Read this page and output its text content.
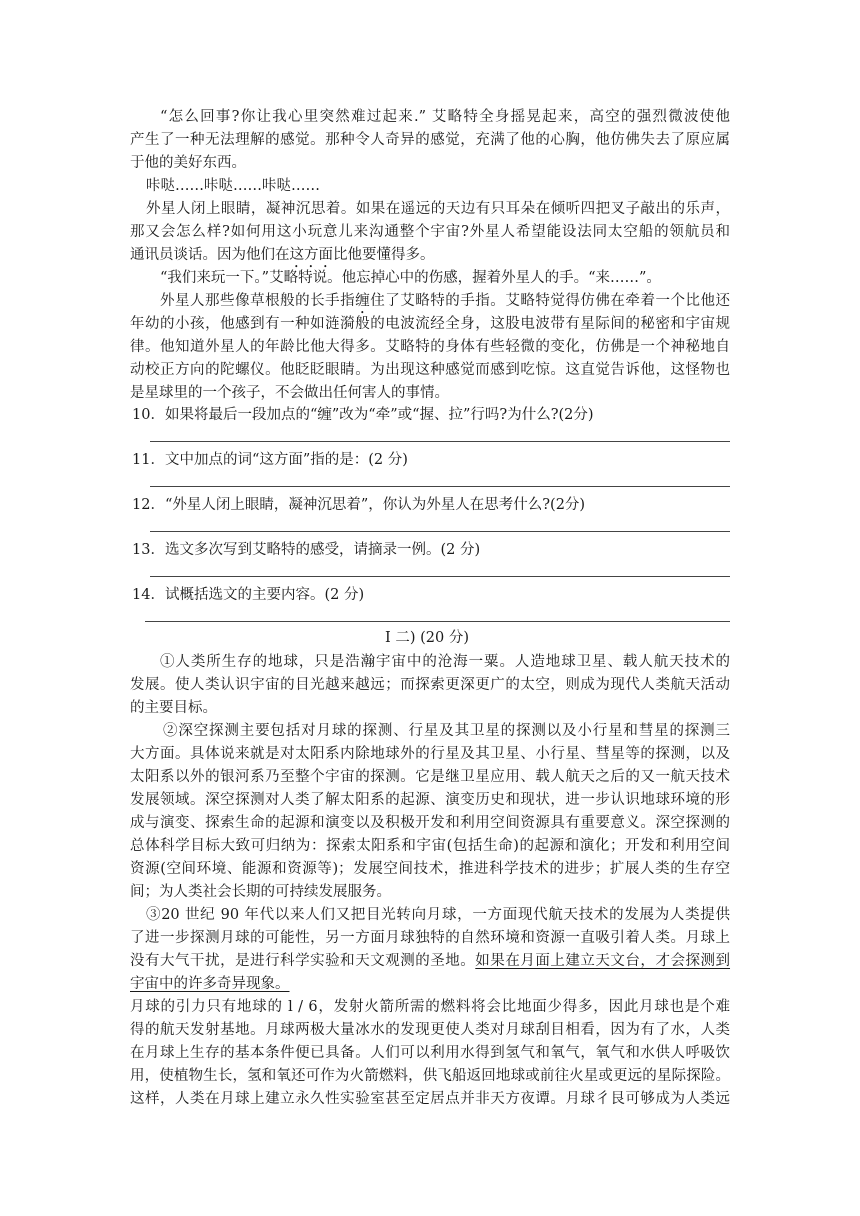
“怎么回事?你让我心里突然难过起来.” 艾略特全身摇晃起来，高空的强烈微波使他
产生了一种无法理解的感觉。那种令人奇异的感觉，充满了他的心胸，他仿佛失去了原应属
于他的美好东西。
咔哒……咔哒……咔哒……
外星人闭上眼睛，凝神沉思着。如果在遥远的天边有只耳朵在倾听四把叉子敲出的乐声，
那又会怎么样?如何用这小玩意儿来沟通整个宇宙?外星人希望能设法同太空船的领航员和
通讯员谈话。因为他们在这方面比他要懂得多。
“我们来玩一下。”艾略特说。他忘掉心中的伤感，握着外星人的手。“来……”。
外星人那些像草根般的长手指缠住了艾略特的手指。艾略特觉得仿佛在牵着一个比他还
年幼的小孩，他感到有一种如涟漪般的电波流经全身，这股电波带有星际间的秘密和宇宙规
律。他知道外星人的年龄比他大得多。艾略特的身体有些轻微的变化，仿佛是一个神秘地自
动校正方向的陀螺仪。他眨眨眼睛。为出现这种感觉而感到吃惊。这直觉告诉他，这怪物也
是星球里的一个孩子，不会做出任何害人的事情。
10．如果将最后一段加点的“缠”改为“牵”或“握、拉”行吗?为什么?(2分)
11．文中加点的词“这方面”指的是：(2 分)
12．“外星人闭上眼睛，凝神沉思着”，你认为外星人在思考什么?(2分)
13．选文多次写到艾略特的感受，请摘录一例。(2 分)
14．试概括选文的主要内容。(2 分)
I 二) (20 分)
①人类所生存的地球，只是浩瀚宇宙中的沧海一粟。人造地球卫星、载人航天技术的
发展。使人类认识宇宙的目光越来越远；而探索更深更广的太空，则成为现代人类航天活动
的主要目标。
②深空探测主要包括对月球的探测、行星及其卫星的探测以及小行星和彗星的探测三
大方面。具体说来就是对太阳系内除地球外的行星及其卫星、小行星、彗星等的探测，以及
太阳系以外的银河系乃至整个宇宙的探测。它是继卫星应用、载人航天之后的又一航天技术
发展领域。深空探测对人类了解太阳系的起源、演变历史和现状，进一步认识地球环境的形
成与演变、探索生命的起源和演变以及积极开发和利用空间资源具有重要意义。深空探测的
总体科学目标大致可归纳为：探索太阳系和宇宙(包括生命)的起源和演化；开发和利用空间
资源(空间环境、能源和资源等)；发展空间技术，推进科学技术的进步；扩展人类的生存空
间；为人类社会长期的可持续发展服务。
③20 世纪 90 年代以来人们又把目光转向月球，一方面现代航天技术的发展为人类提供
了进一步探测月球的可能性，另一方面月球独特的自然环境和资源一直吸引着人类。月球上
没有大气干扰，是进行科学实验和天文观测的圣地。如果在月面上建立天文台，才会探测到
宇宙中的许多奇异现象。
月球的引力只有地球的 l / 6，发射火箭所需的燃料将会比地面少得多，因此月球也是个难
得的航天发射基地。月球两极大量冰水的发现更使人类对月球刮目相看，因为有了水，人类
在月球上生存的基本条件便已具备。人们可以利用水得到氢气和氧气，氧气和水供人呼吸饮
用，使植物生长，氢和氧还可作为火箭燃料，供飞船返回地球或前往火星或更远的星际探险。
这样，人类在月球上建立永久性实验室甚至定居点并非天方夜谭。月球彳艮可够成为人类远
